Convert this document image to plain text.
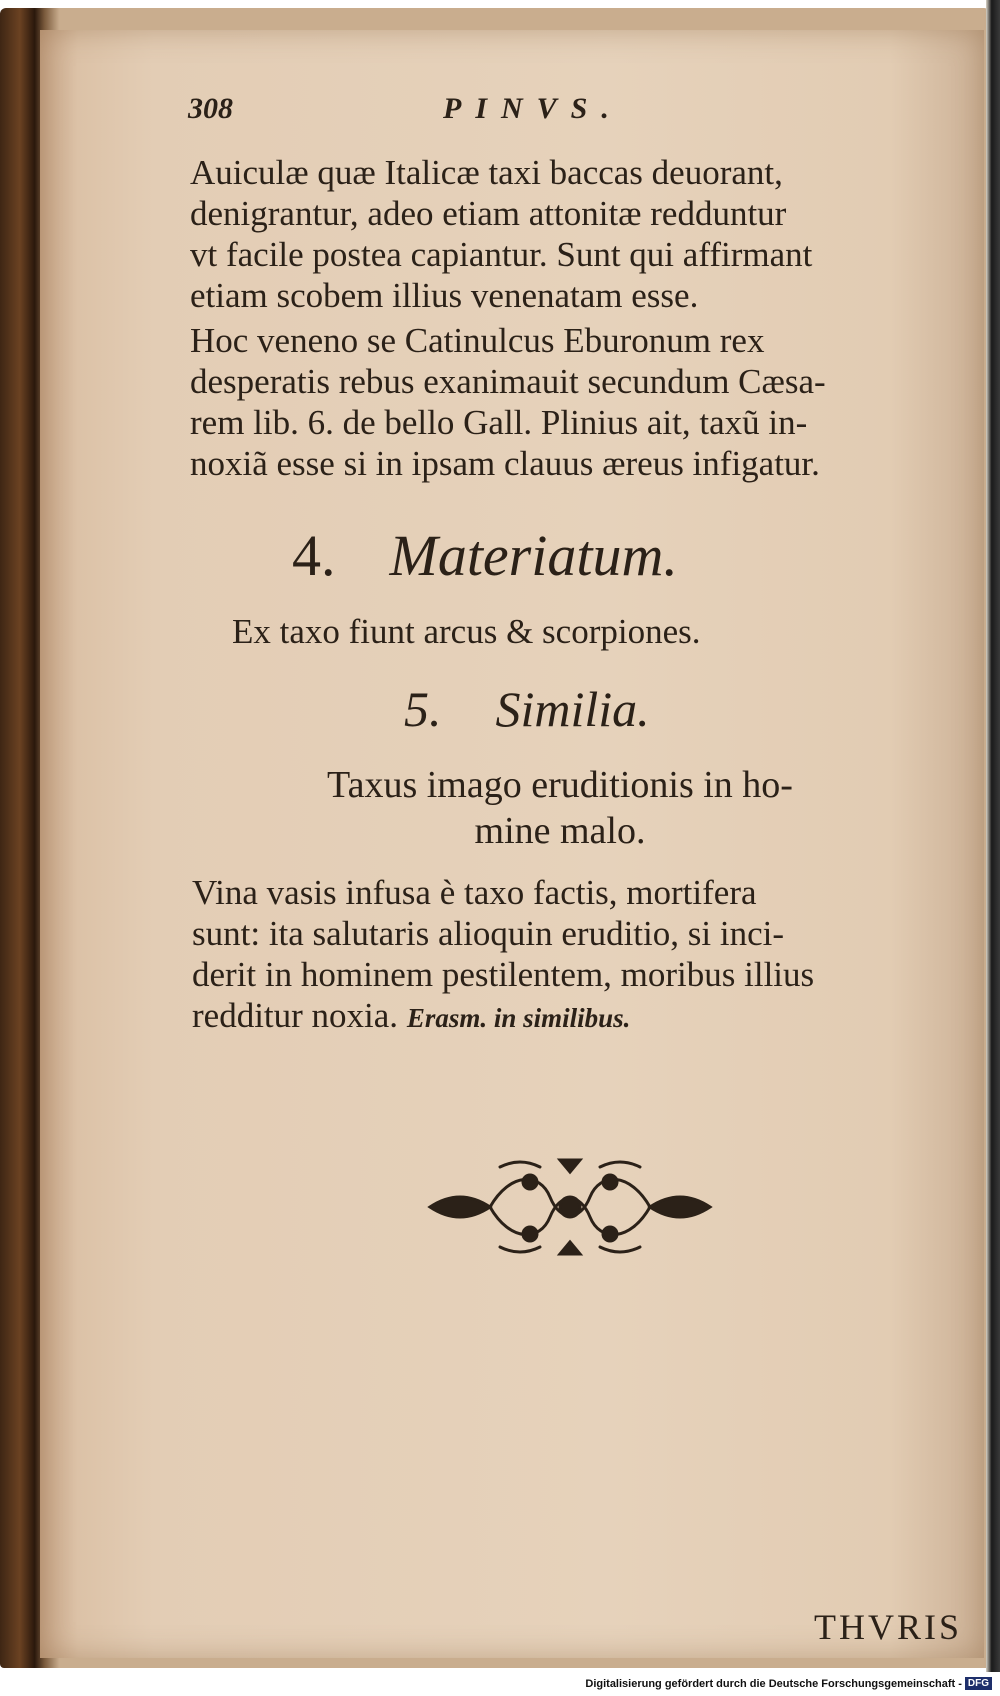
308	PINVS.
Auiculæ quæ Italicæ taxi baccas deuorant,
denigrantur, adeo etiam attonitæ redduntur
vt facile postea capiantur. Sunt qui affirmant
etiam scobem illius venenatam esse.
Hoc veneno se Catinulcus Eburonum rex
desperatis rebus exanimauit secundum Cæsa-
rem lib. 6. de bello Gall. Plinius ait, taxũ in-
noxiã esse si in ipsam clauus æreus infigatur.
4. Materiatum.
Ex taxo fiunt arcus & scorpiones.
5. Similia.
Taxus imago eruditionis in ho-
mine malo.
Vina vasis infusa è taxo factis, mortifera
sunt: ita salutaris alioquin eruditio, si inci-
derit in hominem pestilentem, moribus illius
redditur noxia. Erasm. in similibus.
THVRIS
Digitalisierung gefördert durch die Deutsche Forschungsgemeinschaft - DFG
